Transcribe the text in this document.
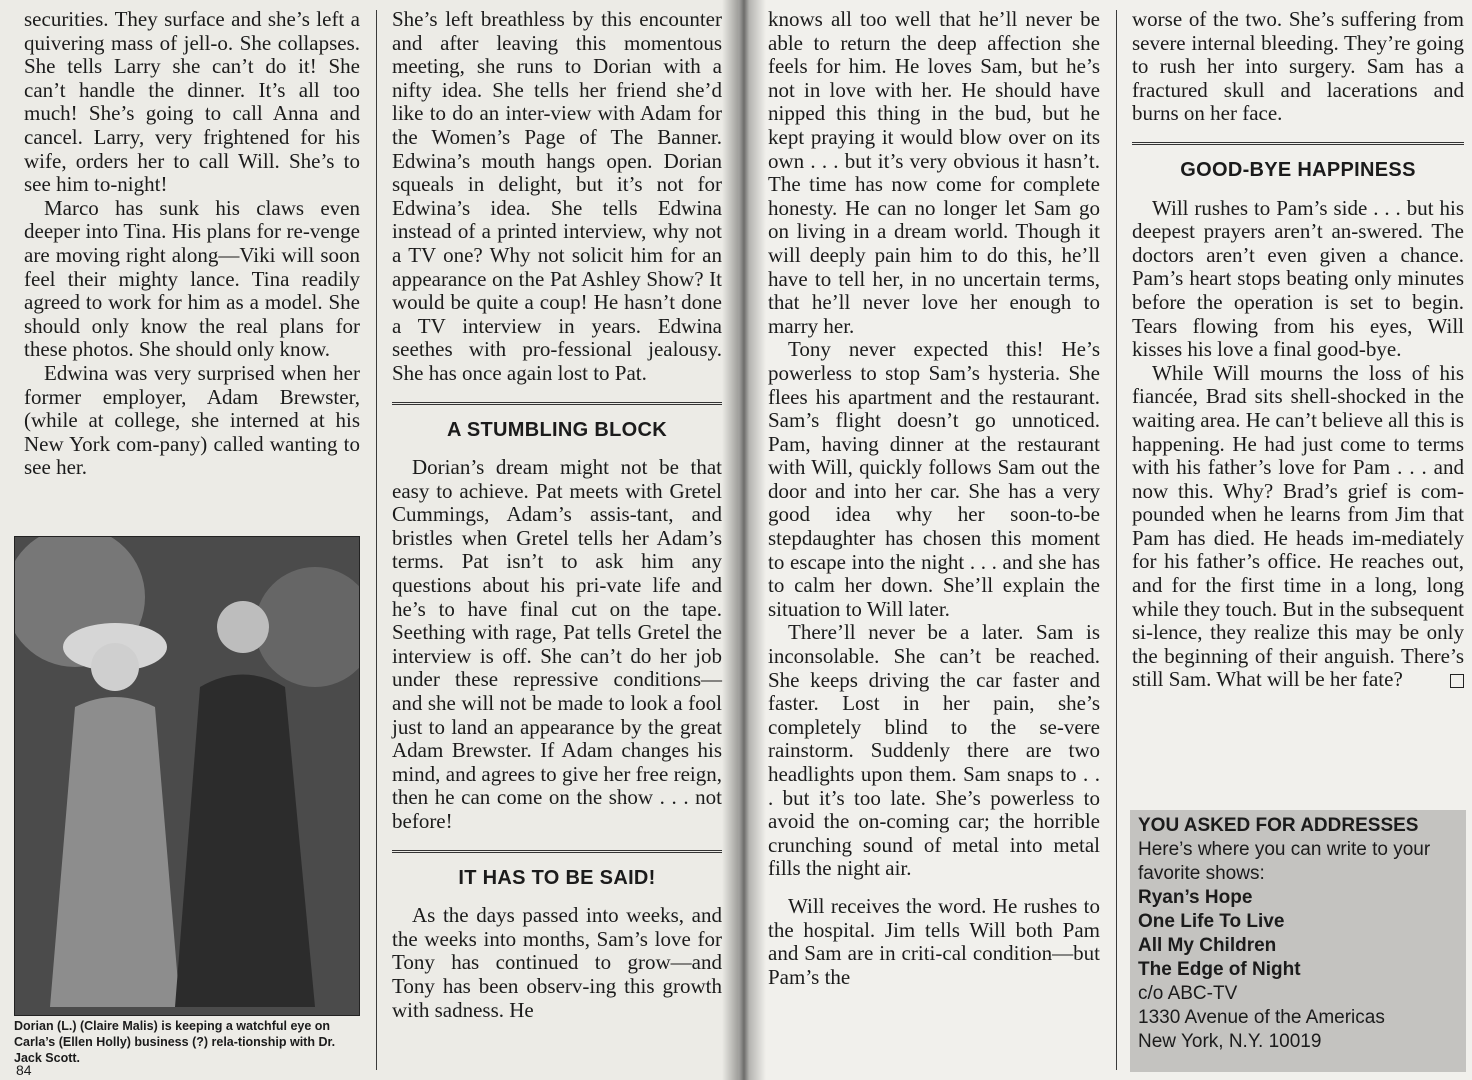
securities. They surface and she’s left a quivering mass of jell-o. She collapses. She tells Larry she can’t do it! She can’t handle the dinner. It’s all too much! She’s going to call Anna and cancel. Larry, very frightened for his wife, orders her to call Will. She’s to see him to-night!

Marco has sunk his claws even deeper into Tina. His plans for re-venge are moving right along—Viki will soon feel their mighty lance. Tina readily agreed to work for him as a model. She should only know the real plans for these photos. She should only know.

Edwina was very surprised when her former employer, Adam Brewster, (while at college, she interned at his New York com-pany) called wanting to see her.

Dorian (L.) (Claire Malis) is keeping a watchful eye on Carla’s (Ellen Holly) business (?) rela-tionship with Dr. Jack Scott.
84

She’s left breathless by this encounter and after leaving this momentous meeting, she runs to Dorian with a nifty idea. She tells her friend she’d like to do an inter-view with Adam for the Women’s Page of The Banner. Edwina’s mouth hangs open. Dorian squeals in delight, but it’s not for Edwina’s idea. She tells Edwina instead of a printed interview, why not a TV one? Why not solicit him for an appearance on the Pat Ashley Show? It would be quite a coup! He hasn’t done a TV interview in years. Edwina seethes with pro-fessional jealousy. She has once again lost to Pat.

A STUMBLING BLOCK

Dorian’s dream might not be that easy to achieve. Pat meets with Gretel Cummings, Adam’s assis-tant, and bristles when Gretel tells her Adam’s terms. Pat isn’t to ask him any questions about his pri-vate life and he’s to have final cut on the tape. Seething with rage, Pat tells Gretel the interview is off. She can’t do her job under these repressive conditions—and she will not be made to look a fool just to land an appearance by the great Adam Brewster. If Adam changes his mind, and agrees to give her free reign, then he can come on the show . . . not before!

IT HAS TO BE SAID!

As the days passed into weeks, and the weeks into months, Sam’s love for Tony has continued to grow—and Tony has been observ-ing this growth with sadness. He

knows all too well that he’ll never be able to return the deep affection she feels for him. He loves Sam, but he’s not in love with her. He should have nipped this thing in the bud, but he kept praying it would blow over on its own . . . but it’s very obvious it hasn’t. The time has now come for complete honesty. He can no longer let Sam go on living in a dream world. Though it will deeply pain him to do this, he’ll have to tell her, in no uncertain terms, that he’ll never love her enough to marry her.

Tony never expected this! He’s powerless to stop Sam’s hysteria. She flees his apartment and the restaurant. Sam’s flight doesn’t go unnoticed. Pam, having dinner at the restaurant with Will, quickly follows Sam out the door and into her car. She has a very good idea why her soon-to-be stepdaughter has chosen this moment to escape into the night . . . and she has to calm her down. She’ll explain the situation to Will later.

There’ll never be a later. Sam is inconsolable. She can’t be reached. She keeps driving the car faster and faster. Lost in her pain, she’s completely blind to the se-vere rainstorm. Suddenly there are two headlights upon them. Sam snaps to . . . but it’s too late. She’s powerless to avoid the on-coming car; the horrible crunching sound of metal into metal fills the night air.

Will receives the word. He rushes to the hospital. Jim tells Will both Pam and Sam are in criti-cal condition—but Pam’s the

worse of the two. She’s suffering from severe internal bleeding. They’re going to rush her into surgery. Sam has a fractured skull and lacerations and burns on her face.

GOOD-BYE HAPPINESS

Will rushes to Pam’s side . . . but his deepest prayers aren’t an-swered. The doctors aren’t even given a chance. Pam’s heart stops beating only minutes before the operation is set to begin. Tears flowing from his eyes, Will kisses his love a final good-bye.

While Will mourns the loss of his fiancée, Brad sits shell-shocked in the waiting area. He can’t believe all this is happening. He had just come to terms with his father’s love for Pam . . . and now this. Why? Brad’s grief is com-pounded when he learns from Jim that Pam has died. He heads im-mediately for his father’s office. He reaches out, and for the first time in a long, long while they touch. But in the subsequent si-lence, they realize this may be only the beginning of their anguish. There’s still Sam. What will be her fate?

YOU ASKED FOR ADDRESSES
Here’s where you can write to your favorite shows:
Ryan’s Hope
One Life To Live
All My Children
The Edge of Night
c/o ABC-TV
1330 Avenue of the Americas
New York, N.Y. 10019
